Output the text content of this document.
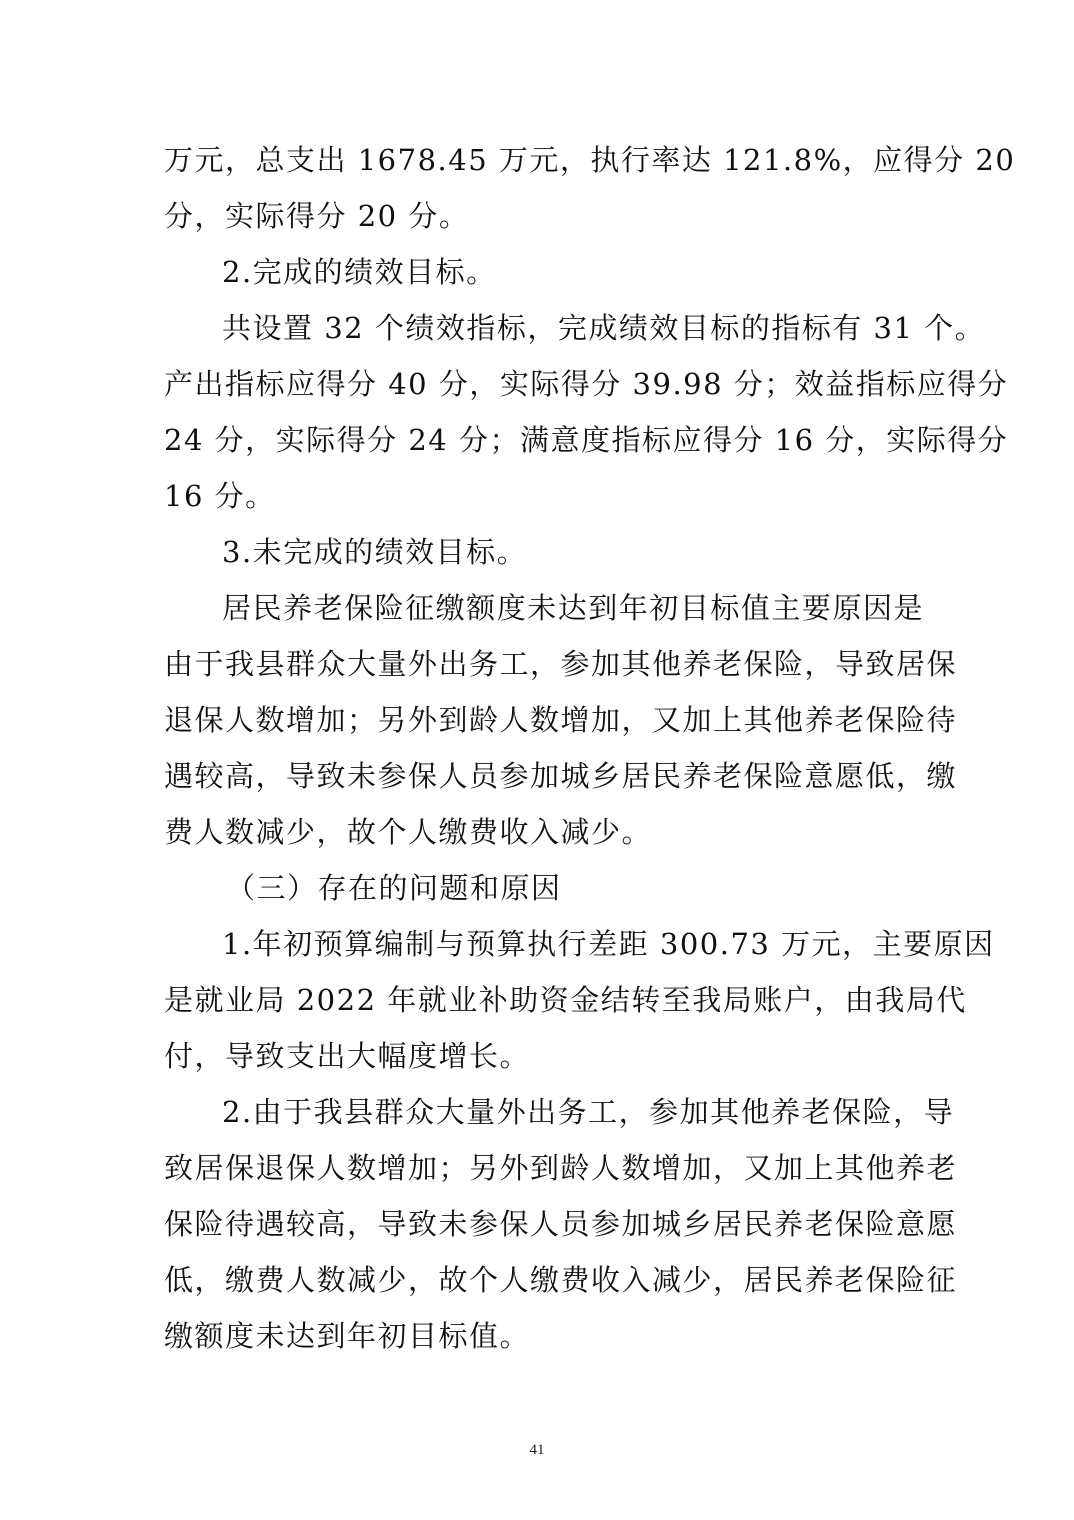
万元，总支出 1678.45 万元，执行率达 121.8%，应得分 20
分，实际得分 20 分。
2.完成的绩效目标。
共设置 32 个绩效指标，完成绩效目标的指标有 31 个。
产出指标应得分 40 分，实际得分 39.98 分；效益指标应得分
24 分，实际得分 24 分；满意度指标应得分 16 分，实际得分
16 分。
3.未完成的绩效目标。
居民养老保险征缴额度未达到年初目标值主要原因是
由于我县群众大量外出务工，参加其他养老保险，导致居保
退保人数增加；另外到龄人数增加，又加上其他养老保险待
遇较高，导致未参保人员参加城乡居民养老保险意愿低，缴
费人数减少，故个人缴费收入减少。
（三）存在的问题和原因
1.年初预算编制与预算执行差距 300.73 万元，主要原因
是就业局 2022 年就业补助资金结转至我局账户，由我局代
付，导致支出大幅度增长。
2.由于我县群众大量外出务工，参加其他养老保险，导
致居保退保人数增加；另外到龄人数增加，又加上其他养老
保险待遇较高，导致未参保人员参加城乡居民养老保险意愿
低，缴费人数减少，故个人缴费收入减少，居民养老保险征
缴额度未达到年初目标值。
41
